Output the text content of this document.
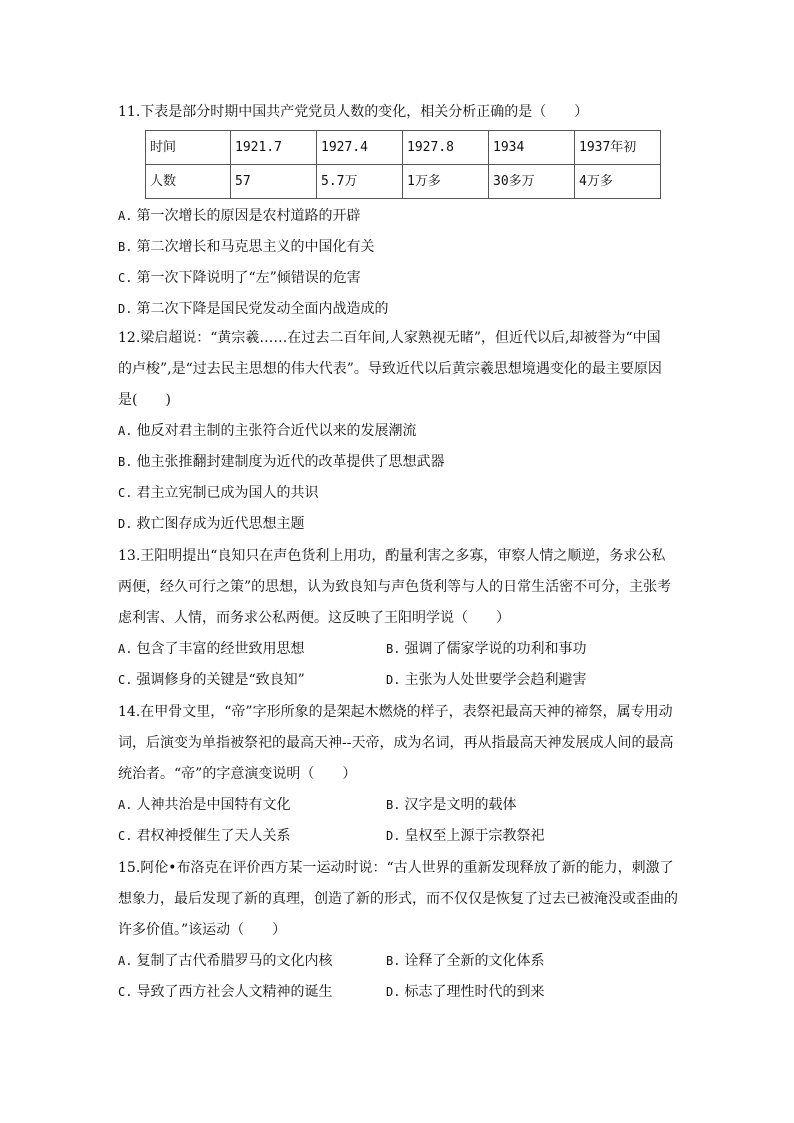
11.下表是部分时期中国共产党党员人数的变化，相关分析正确的是（　　）

时间	1921.7	1927.4	1927.8	1934	1937年初
人数	57	5.7万	1万多	30多万	4万多

A. 第一次增长的原因是农村道路的开辟

B. 第二次增长和马克思主义的中国化有关

C. 第一次下降说明了“左”倾错误的危害

D. 第二次下降是国民党发动全面内战造成的

12.梁启超说：“黄宗羲……在过去二百年间,人家熟视无睹”，但近代以后,却被誉为“中国

的卢梭”,是“过去民主思想的伟大代表”。导致近代以后黄宗羲思想境遇变化的最主要原因

是(　　)

A. 他反对君主制的主张符合近代以来的发展潮流

B. 他主张推翻封建制度为近代的改革提供了思想武器

C. 君主立宪制已成为国人的共识

D. 救亡图存成为近代思想主题

13.王阳明提出“良知只在声色货利上用功，酌量利害之多寡，审察人情之顺逆，务求公私

两便，经久可行之策”的思想，认为致良知与声色货利等与人的日常生活密不可分，主张考

虑利害、人情，而务求公私两便。这反映了王阳明学说（　　）

A. 包含了丰富的经世致用思想	B. 强调了儒家学说的功利和事功

C. 强调修身的关键是“致良知”	D. 主张为人处世要学会趋利避害

14.在甲骨文里，“帝”字形所象的是架起木燃烧的样子，表祭祀最高天神的禘祭，属专用动

词，后演变为单指被祭祀的最高天神--天帝，成为名词，再从指最高天神发展成人间的最高

统治者。“帝”的字意演变说明（　　）

A. 人神共治是中国特有文化	B. 汉字是文明的载体

C. 君权神授催生了天人关系	D. 皇权至上源于宗教祭祀

15.阿伦•布洛克在评价西方某一运动时说：“古人世界的重新发现释放了新的能力，刺激了

想象力，最后发现了新的真理，创造了新的形式，而不仅仅是恢复了过去已被淹没或歪曲的

许多价值。”该运动（　　）

A. 复制了古代希腊罗马的文化内核	B. 诠释了全新的文化体系

C. 导致了西方社会人文精神的诞生	D. 标志了理性时代的到来
